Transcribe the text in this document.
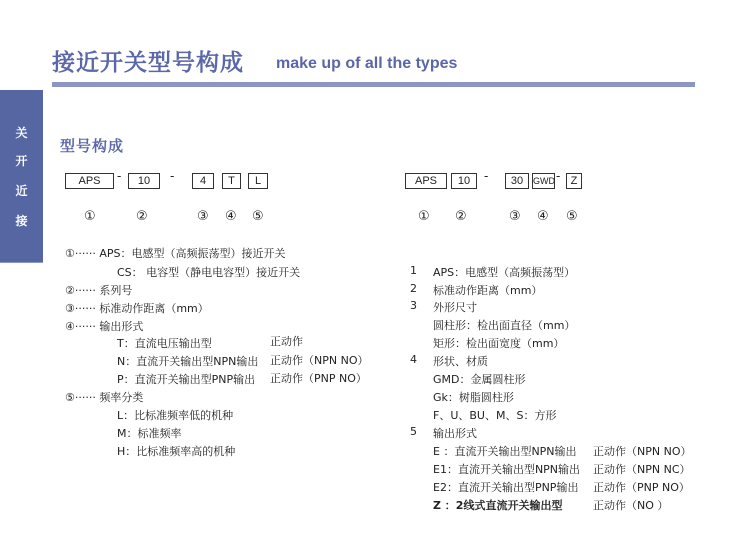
接近开关型号构成 make up of all the types
关
开
近
接
型号构成
APS	-	10	-	4	T	L
①	②	③ ④ ⑤
APS	10	-	30	GWD - Z
① ②	③ ④ ⑤
①······ APS：电感型（高频振荡型）接近开关
CS： 电容型（静电电容型）接近开关
②······ 系列号
③······ 标准动作距离（mm）
④······ 输出形式
T：直流电压输出型	正动作
N：直流开关输出型NPN输出 正动作（NPN NO）
P：直流开关输出型PNP输出 正动作（PNP NO）
⑤······ 频率分类
L：比标准频率低的机种
M：标准频率
H：比标准频率高的机种
1 APS：电感型（高频振荡型）
2 标准动作距离（mm）
3 外形尺寸
圆柱形：检出面直径（mm）
矩形：检出面宽度（mm）
4 形状、材质
GMD：金属圆柱形
Gk：树脂圆柱形
F、U、BU、M、S：方形
5 输出形式
E ：直流开关输出型NPN输出 正动作（NPN NO）
E1：直流开关输出型NPN输出 正动作（NPN NC）
E2：直流开关输出型PNP输出 正动作（PNP NO）
Z ：2线式直流开关输出型	正动作（NO ）
